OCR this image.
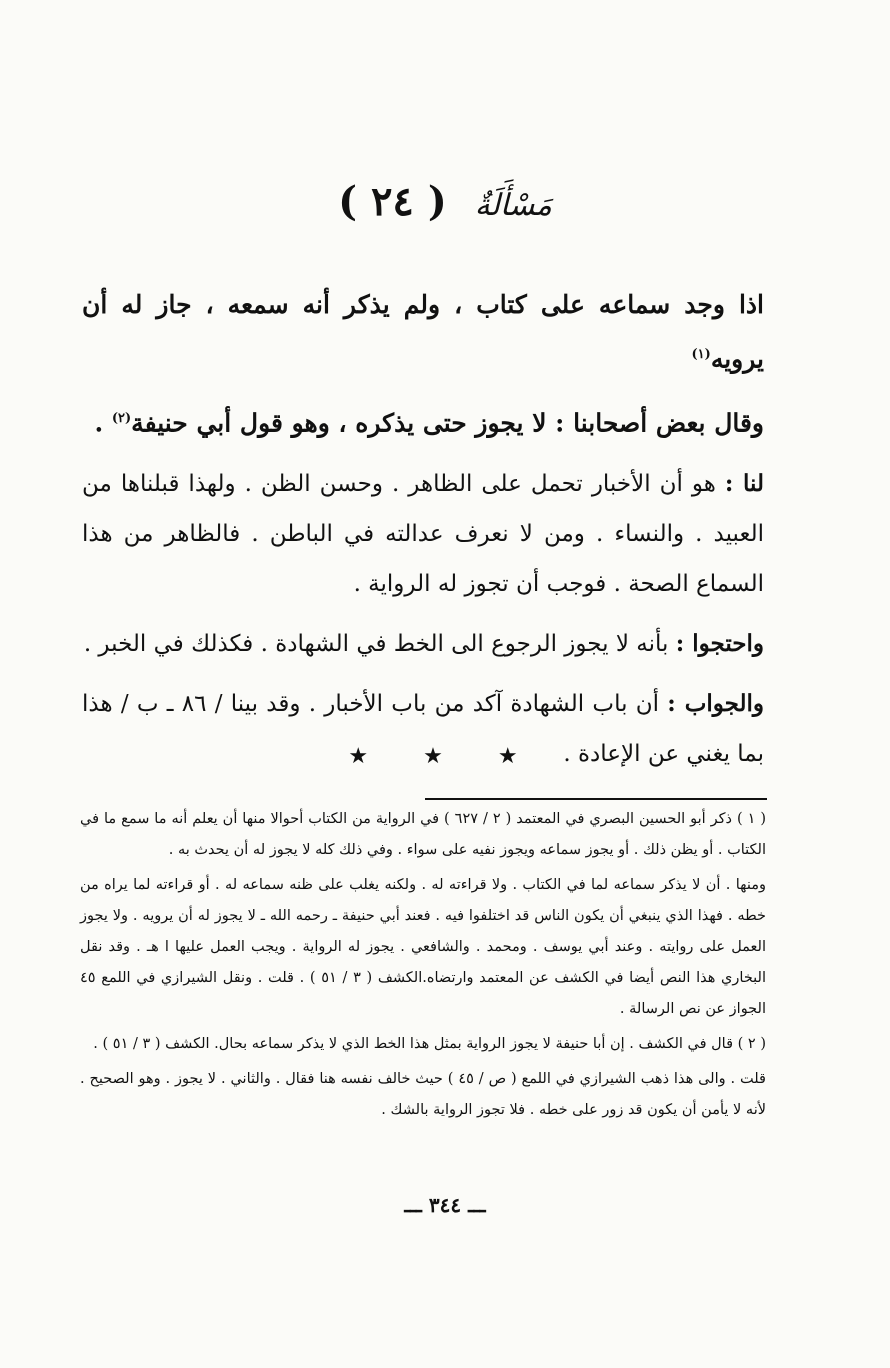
مَسْأَلَةٌ ( ٢٤ )

اذا وجد سماعه على كتاب ، ولم يذكر أنه سمعه ، جاز له أن يرويه$^{(١)}$

وقال بعض أصحابنا : لا يجوز حتى يذكره ، وهو قول أبي حنيفة$^{(٢)}$ .

لنا : هو أن الأخبار تحمل على الظاهر . وحسن الظن . ولهذا قبلناها من العبيد . والنساء . ومن لا نعرف عدالته في الباطن . فالظاهر من هذا السماع الصحة . فوجب أن تجوز له الرواية .

واحتجوا : بأنه لا يجوز الرجوع الى الخط في الشهادة . فكذلك في الخبر .

والجواب : أن باب الشهادة آكد من باب الأخبار . وقد بينا / ٨٦ ـ ب / هذا بما يغني عن الإعادة .

★ ★ ★

( ١ ) ذكر أبو الحسين البصري في المعتمد ( ٢ / ٦٢٧ ) في الرواية من الكتاب أحوالا منها أن يعلم أنه ما سمع ما في الكتاب . أو يظن ذلك . أو يجوز سماعه ويجوز نفيه على سواء . وفي ذلك كله لا يجوز له أن يحدث به .

ومنها . أن لا يذكر سماعه لما في الكتاب . ولا قراءته له . ولكنه يغلب على ظنه سماعه له . أو قراءته لما يراه من خطه . فهذا الذي ينبغي أن يكون الناس قد اختلفوا فيه . فعند أبي حنيفة ـ رحمه الله ـ لا يجوز له أن يرويه . ولا يجوز العمل على روايته . وعند أبي يوسف . ومحمد . والشافعي . يجوز له الرواية . ويجب العمل عليها ا هـ . وقد نقل البخاري هذا النص أيضا في الكشف عن المعتمد وارتضاه.الكشف ( ٣ / ٥١ ) . قلت . ونقل الشيرازي في اللمع ٤٥ الجواز عن نص الرسالة .

( ٢ ) قال في الكشف . إن أبا حنيفة لا يجوز الرواية بمثل هذا الخط الذي لا يذكر سماعه بحال. الكشف ( ٣ / ٥١ ) .

قلت . والى هذا ذهب الشيرازي في اللمع ( ص / ٤٥ ) حيث خالف نفسه هنا فقال . والثاني . لا يجوز . وهو الصحيح . لأنه لا يأمن أن يكون قد زور على خطه . فلا تجوز الرواية بالشك .

ـــ ٣٤٤ ـــ
